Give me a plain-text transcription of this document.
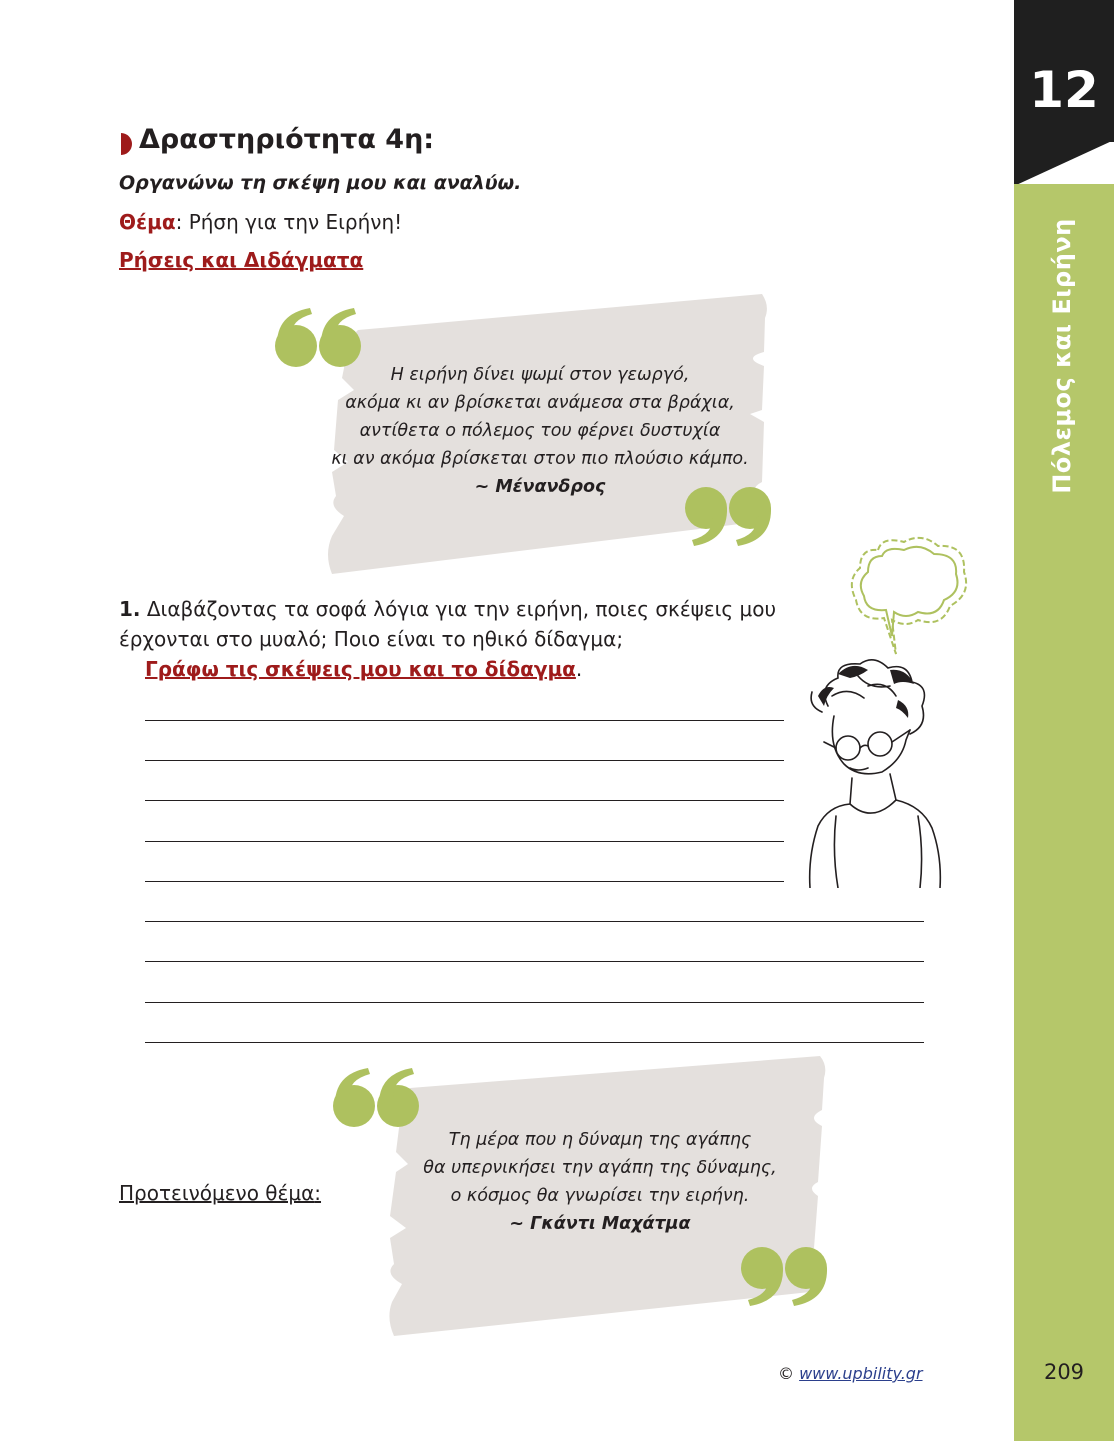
12
Πόλεμος και Ειρήνη
209
Δραστηριότητα 4η:
Οργανώνω τη σκέψη μου και αναλύω.
Θέμα: Ρήση για την Ειρήνη!
Ρήσεις και Διδάγματα
Η ειρήνη δίνει ψωμί στον γεωργό,
ακόμα κι αν βρίσκεται ανάμεσα στα βράχια,
αντίθετα ο πόλεμος του φέρνει δυστυχία
κι αν ακόμα βρίσκεται στον πιο πλούσιο κάμπο.
~ Μένανδρος
1. Διαβάζοντας τα σοφά λόγια για την ειρήνη, ποιες σκέψεις μου έρχονται στο μυαλό; Ποιο είναι το ηθικό δίδαγμα;
Γράφω τις σκέψεις μου και το δίδαγμα.
Τη μέρα που η δύναμη της αγάπης
θα υπερνικήσει την αγάπη της δύναμης,
ο κόσμος θα γνωρίσει την ειρήνη.
~ Γκάντι Μαχάτμα
Προτεινόμενο θέμα:
© www.upbility.gr
